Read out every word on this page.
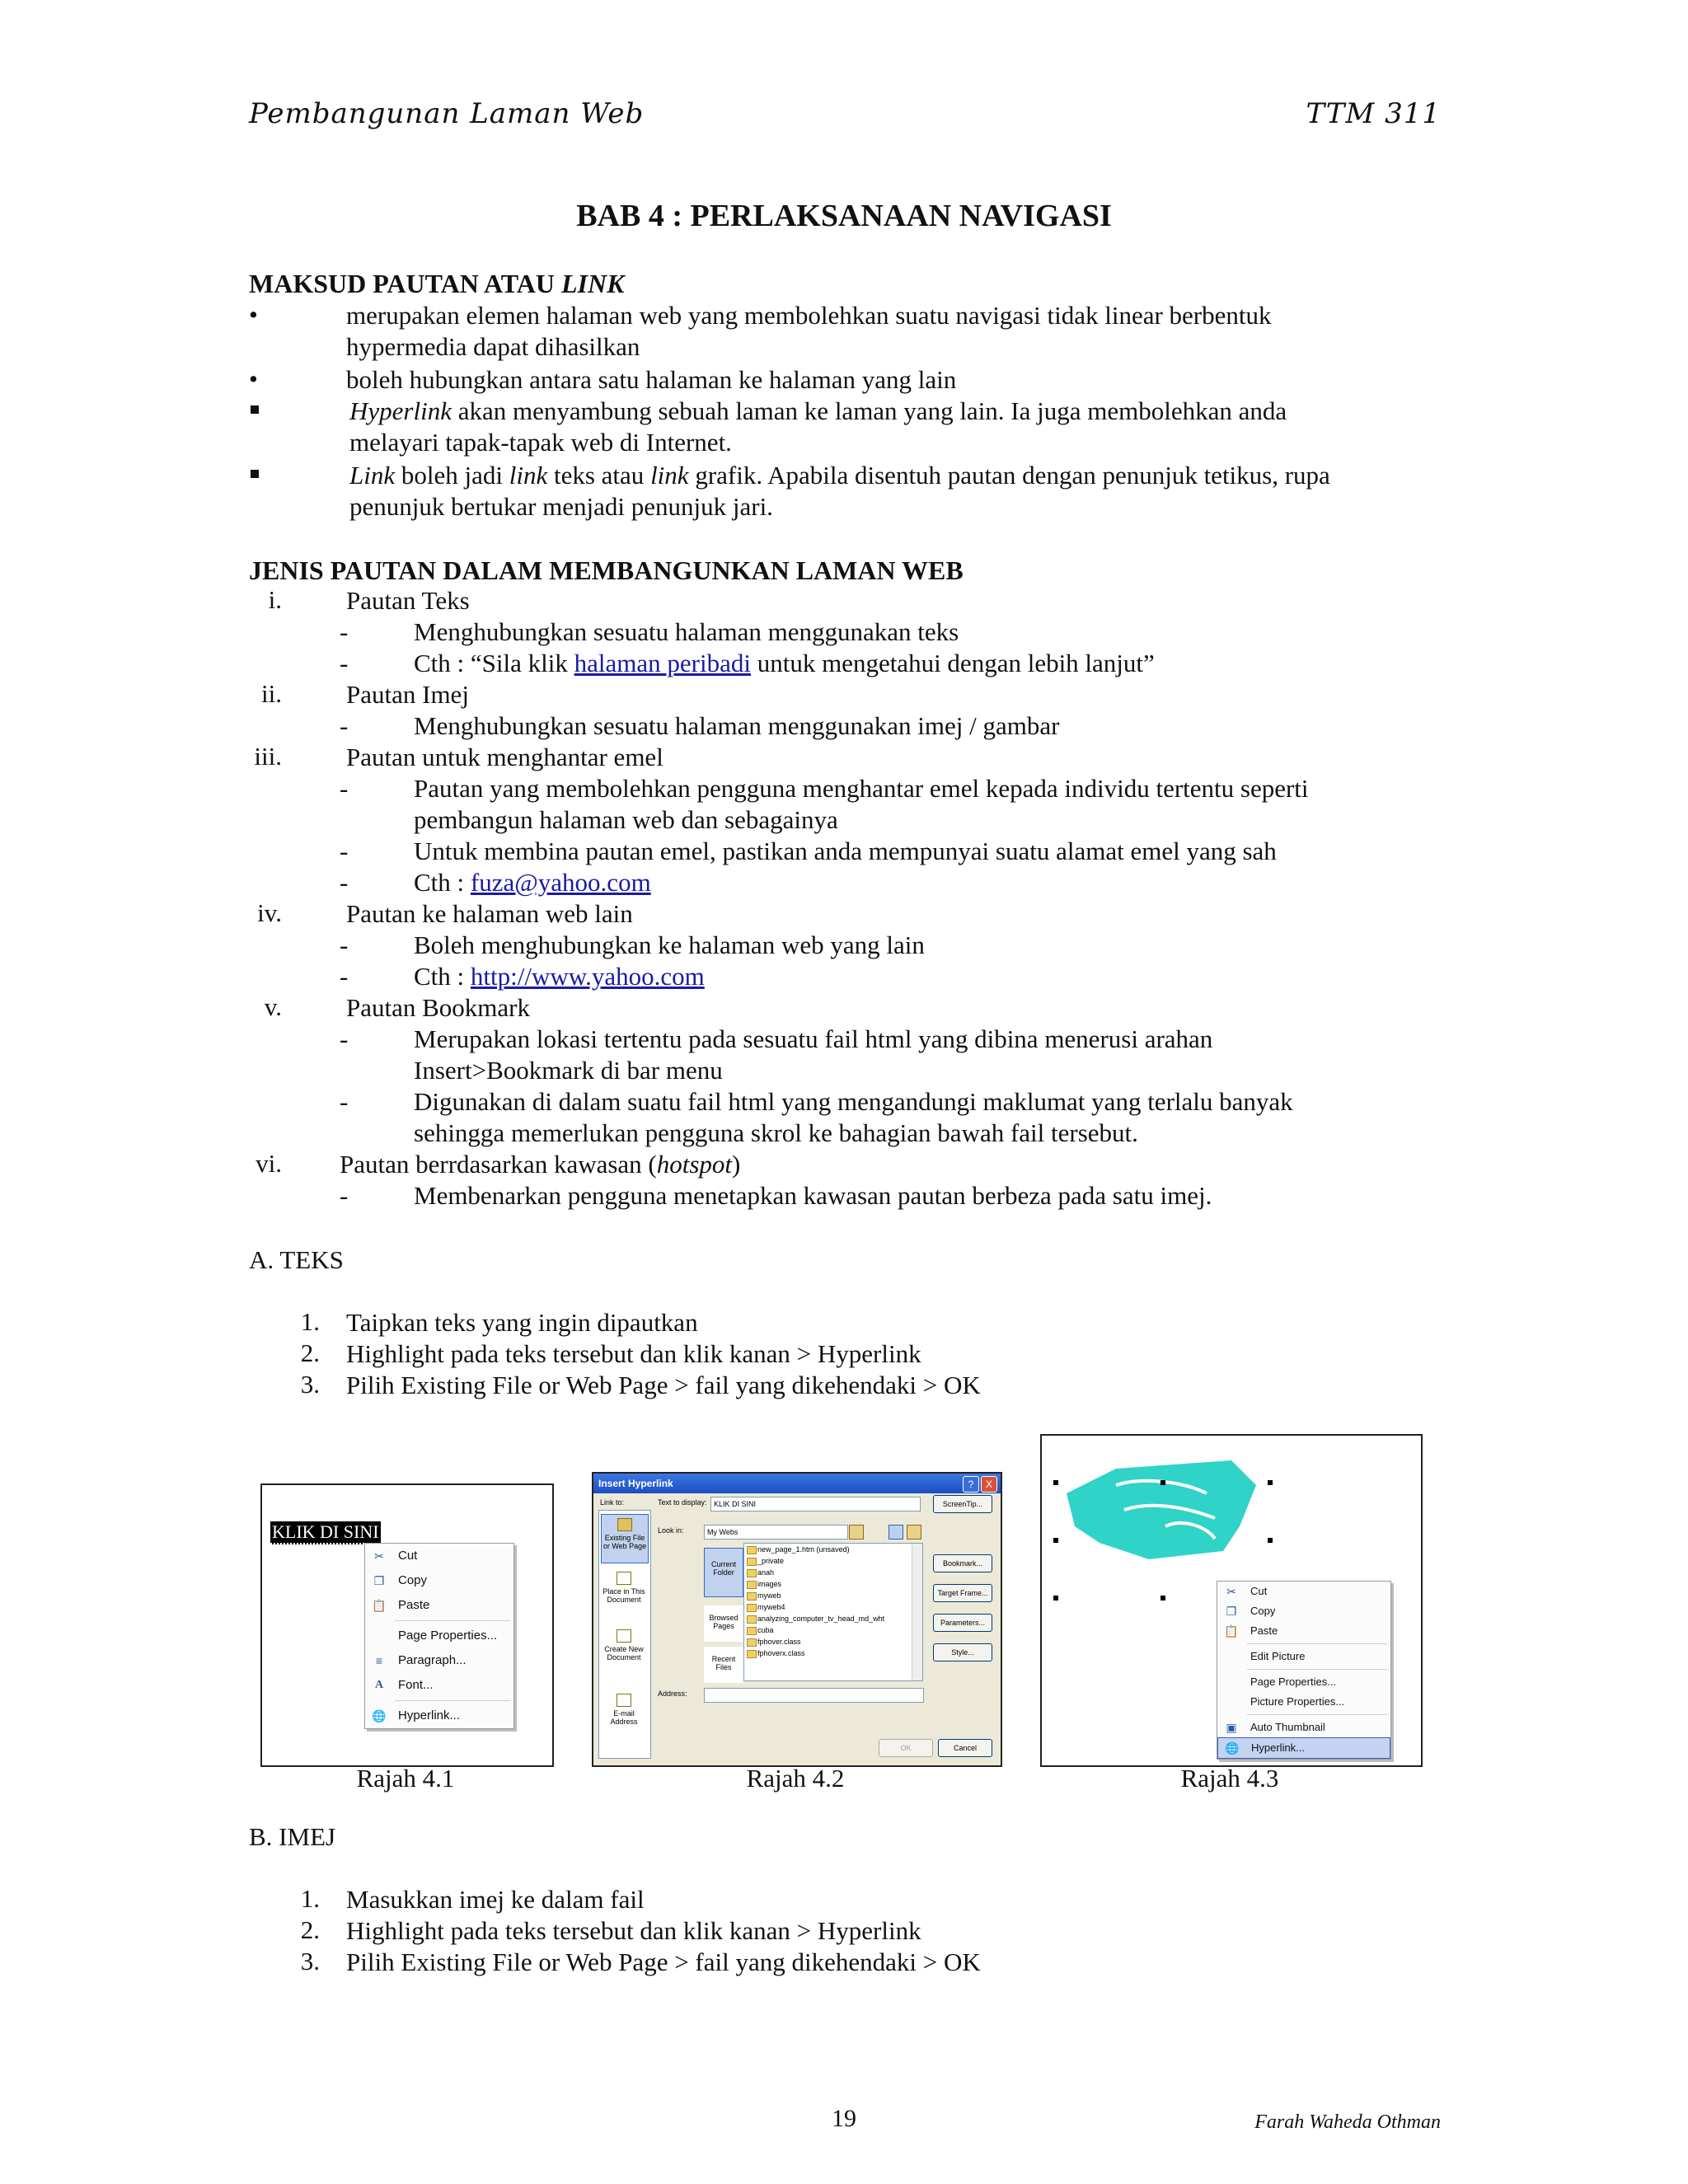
Pembangunan Laman Web	TTM 311
BAB 4 : PERLAKSANAAN NAVIGASI
MAKSUD PAUTAN ATAU LINK
•	merupakan elemen halaman web yang membolehkan suatu navigasi tidak linear berbentuk
hypermedia dapat dihasilkan
•	boleh hubungkan antara satu halaman ke halaman yang lain
Hyperlink akan menyambung sebuah laman ke laman yang lain. Ia juga membolehkan anda
melayari tapak-tapak web di Internet.
Link boleh jadi link teks atau link grafik. Apabila disentuh pautan dengan penunjuk tetikus, rupa
penunjuk bertukar menjadi penunjuk jari.
JENIS PAUTAN DALAM MEMBANGUNKAN LAMAN WEB
i.	Pautan Teks
-	Menghubungkan sesuatu halaman menggunakan teks
-	Cth : “Sila klik halaman peribadi untuk mengetahui dengan lebih lanjut”
ii.	Pautan Imej
-	Menghubungkan sesuatu halaman menggunakan imej / gambar
iii.	Pautan untuk menghantar emel
-	Pautan yang membolehkan pengguna menghantar emel kepada individu tertentu seperti
pembangun halaman web dan sebagainya
-	Untuk membina pautan emel, pastikan anda mempunyai suatu alamat emel yang sah
-	Cth : fuza@yahoo.com
iv.	Pautan ke halaman web lain
-	Boleh menghubungkan ke halaman web yang lain
-	Cth : http://www.yahoo.com
v.	Pautan Bookmark
-	Merupakan lokasi tertentu pada sesuatu fail html yang dibina menerusi arahan
Insert>Bookmark di bar menu
-	Digunakan di dalam suatu fail html yang mengandungi maklumat yang terlalu banyak
sehingga memerlukan pengguna skrol ke bahagian bawah fail tersebut.
vi. Pautan berrdasarkan kawasan (hotspot)
-	Membenarkan pengguna menetapkan kawasan pautan berbeza pada satu imej.
A. TEKS
1. Taipkan teks yang ingin dipautkan
2. Highlight pada teks tersebut dan klik kanan > Hyperlink
3. Pilih Existing File or Web Page > fail yang dikehendaki > OK
KLIK DI SINI
✂ Cut
❐ Copy
📋 Paste
Page Properties...
≡	Paragraph...
A Font...
🌐 Hyperlink...
Rajah 4.1
Insert Hyperlink	?	X
Link to:	Text to display: KLIK DI SINI	ScreenTip...
Existing File or Web Page
Place in This Document
Create New Document
E-mail Address
Look in:	My Webs
Bookmark...
Current Folder
Browsed Pages
Recent Files
new_page_1.htm (unsaved)
_private
anah
images
myweb
myweb4
analyzing_computer_tv_head_md_wht
cuba
fphover.class
fphoverx.class
Target Frame...
Parameters...
Style...
Address:
OK	Cancel
Rajah 4.2
✂ Cut
❐ Copy
📋 Paste
Edit Picture
Page Properties...
Picture Properties...
▣ Auto Thumbnail
🌐 Hyperlink...
Rajah 4.3
B. IMEJ
1. Masukkan imej ke dalam fail
2. Highlight pada teks tersebut dan klik kanan > Hyperlink
3. Pilih Existing File or Web Page > fail yang dikehendaki > OK
19	Farah Waheda Othman
